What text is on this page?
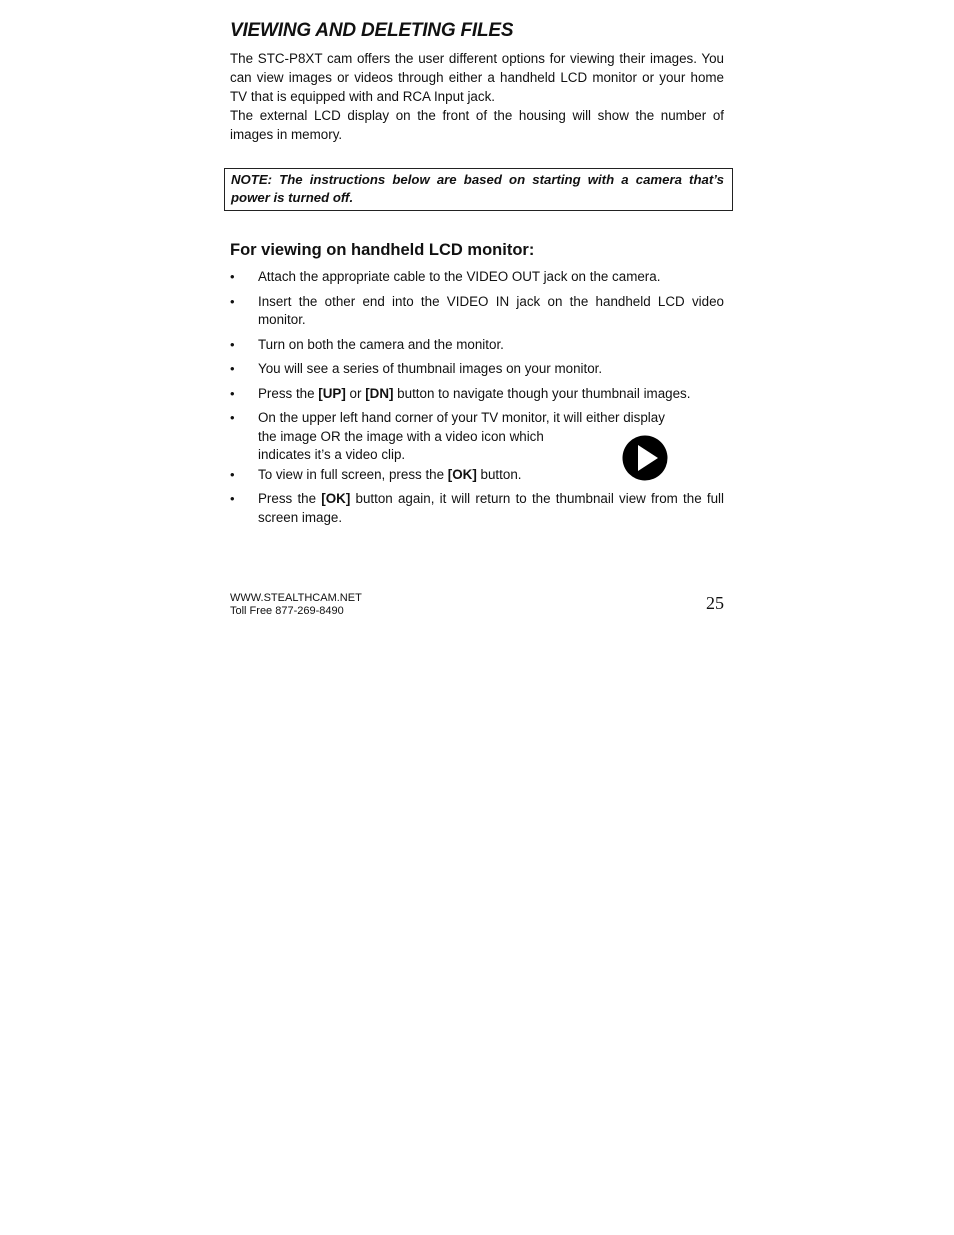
VIEWING AND DELETING FILES

The STC-P8XT cam offers the user different options for viewing their images. You can view images or videos through either a handheld LCD monitor or your home TV that is equipped with and RCA Input jack.

The external LCD display on the front of the housing will show the number of images in memory.

NOTE: The instructions below are based on starting with a camera that’s power is turned off.
For viewing on handheld LCD monitor:
•	Attach the appropriate cable to the VIDEO OUT jack on the camera.
•	Insert the other end into the VIDEO IN jack on the handheld LCD video monitor.
•	Turn on both the camera and the monitor.
•	You will see a series of thumbnail images on your monitor.
•	Press the [UP] or [DN] button to navigate though your thumbnail images.
•	On the upper left hand corner of your TV monitor, it will either display
the image OR the image with a video icon which
indicates it’s a video clip.
•	To view in full screen, press the [OK] button.
•	Press the [OK] button again, it will return to the thumbnail view from the full screen image.
WWW.STEALTHCAM.NET
Toll Free 877-269-8490	25
